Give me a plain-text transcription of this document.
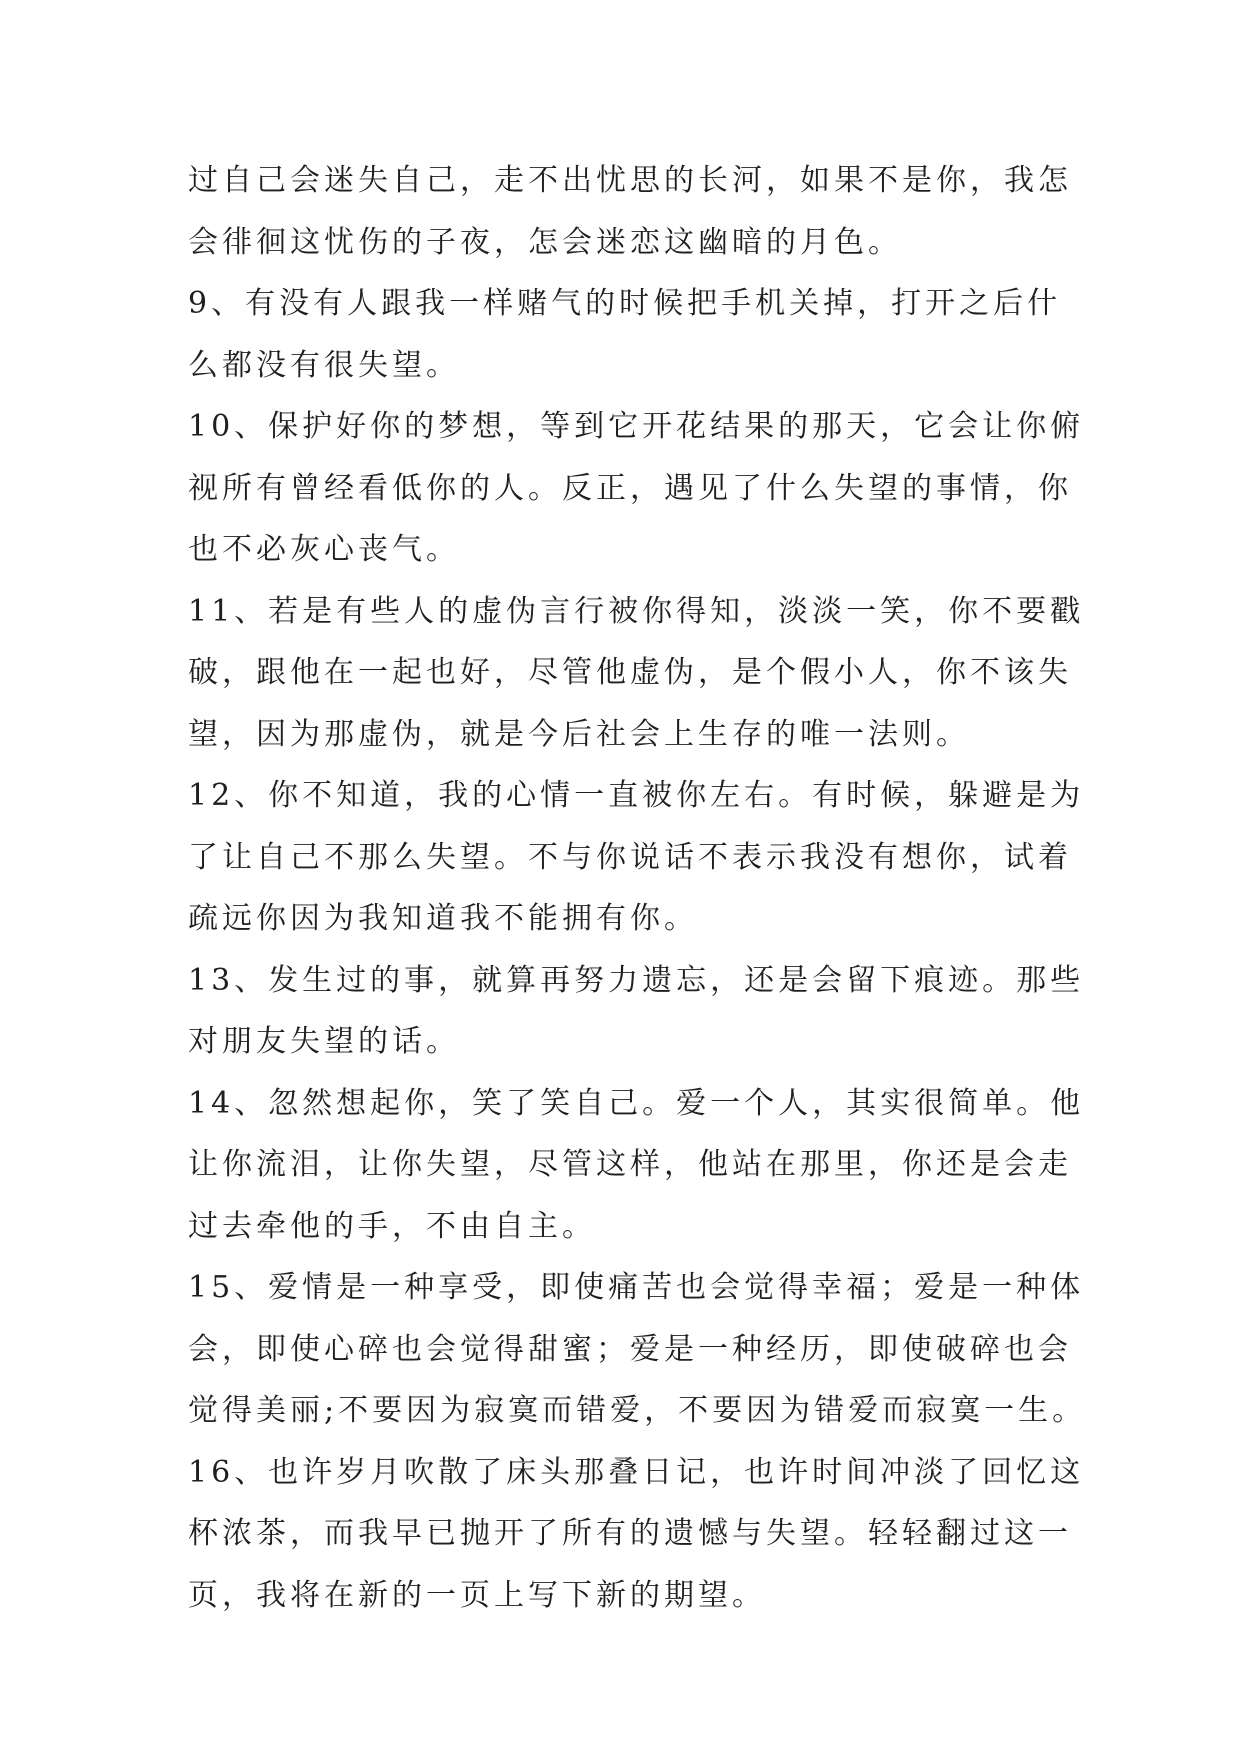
过自己会迷失自己，走不出忧思的长河，如果不是你，我怎
会徘徊这忧伤的子夜，怎会迷恋这幽暗的月色。
9、有没有人跟我一样赌气的时候把手机关掉，打开之后什
么都没有很失望。
10、保护好你的梦想，等到它开花结果的那天，它会让你俯
视所有曾经看低你的人。反正，遇见了什么失望的事情，你
也不必灰心丧气。
11、若是有些人的虚伪言行被你得知，淡淡一笑，你不要戳
破，跟他在一起也好，尽管他虚伪，是个假小人，你不该失
望，因为那虚伪，就是今后社会上生存的唯一法则。
12、你不知道，我的心情一直被你左右。有时候，躲避是为
了让自己不那么失望。不与你说话不表示我没有想你，试着
疏远你因为我知道我不能拥有你。
13、发生过的事，就算再努力遗忘，还是会留下痕迹。那些
对朋友失望的话。
14、忽然想起你，笑了笑自己。爱一个人，其实很简单。他
让你流泪，让你失望，尽管这样，他站在那里，你还是会走
过去牵他的手，不由自主。
15、爱情是一种享受，即使痛苦也会觉得幸福；爱是一种体
会，即使心碎也会觉得甜蜜；爱是一种经历，即使破碎也会
觉得美丽;不要因为寂寞而错爱，不要因为错爱而寂寞一生。
16、也许岁月吹散了床头那叠日记，也许时间冲淡了回忆这
杯浓茶，而我早已抛开了所有的遗憾与失望。轻轻翻过这一
页，我将在新的一页上写下新的期望。
